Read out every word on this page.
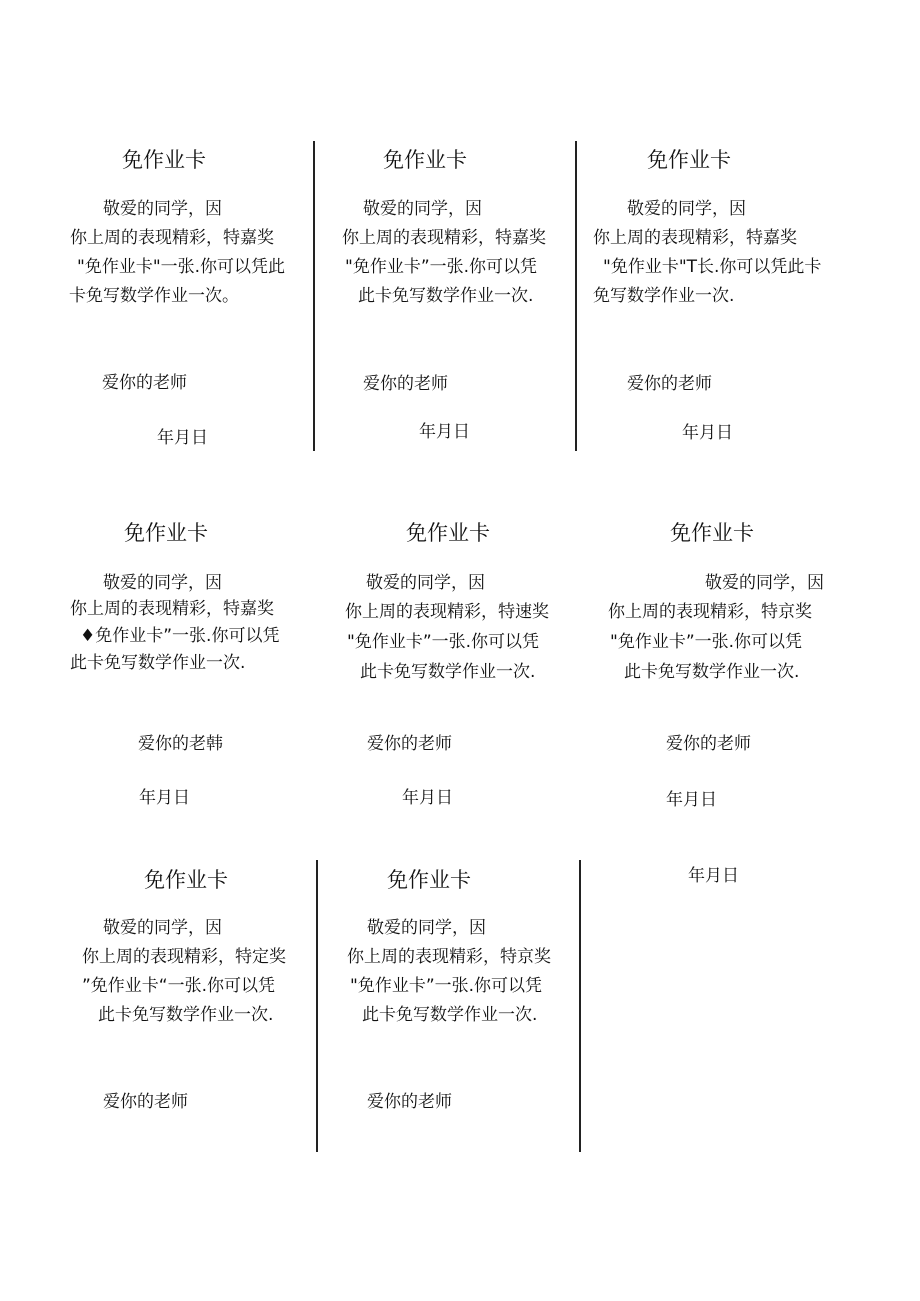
免作业卡
敬爱的同学，因
你上周的表现精彩，特嘉奖
"免作业卡"一张.你可以凭此
卡免写数学作业一次。
爱你的老师
年月日
免作业卡
敬爱的同学，因
你上周的表现精彩，特嘉奖
"免作业卡”一张.你可以凭
此卡免写数学作业一次.
爱你的老师
年月日
免作业卡
敬爱的同学，因
你上周的表现精彩，特嘉奖
"免作业卡"T长.你可以凭此卡
免写数学作业一次.
爱你的老师
年月日
免作业卡
敬爱的同学，因
你上周的表现精彩，特嘉奖
♦免作业卡”一张.你可以凭
此卡免写数学作业一次.
爱你的老韩
年月日
免作业卡
敬爱的同学，因
你上周的表现精彩，特速奖
"免作业卡”一张.你可以凭
此卡免写数学作业一次.
爱你的老师
年月日
免作业卡
敬爱的同学，因
你上周的表现精彩，特京奖
"免作业卡”一张.你可以凭
此卡免写数学作业一次.
爱你的老师
年月日
免作业卡
敬爱的同学，因
你上周的表现精彩，特定奖
”免作业卡“一张.你可以凭
此卡免写数学作业一次.
爱你的老师
免作业卡
敬爱的同学，因
你上周的表现精彩，特京奖
"免作业卡”一张.你可以凭
此卡免写数学作业一次.
爱你的老师
年月日
